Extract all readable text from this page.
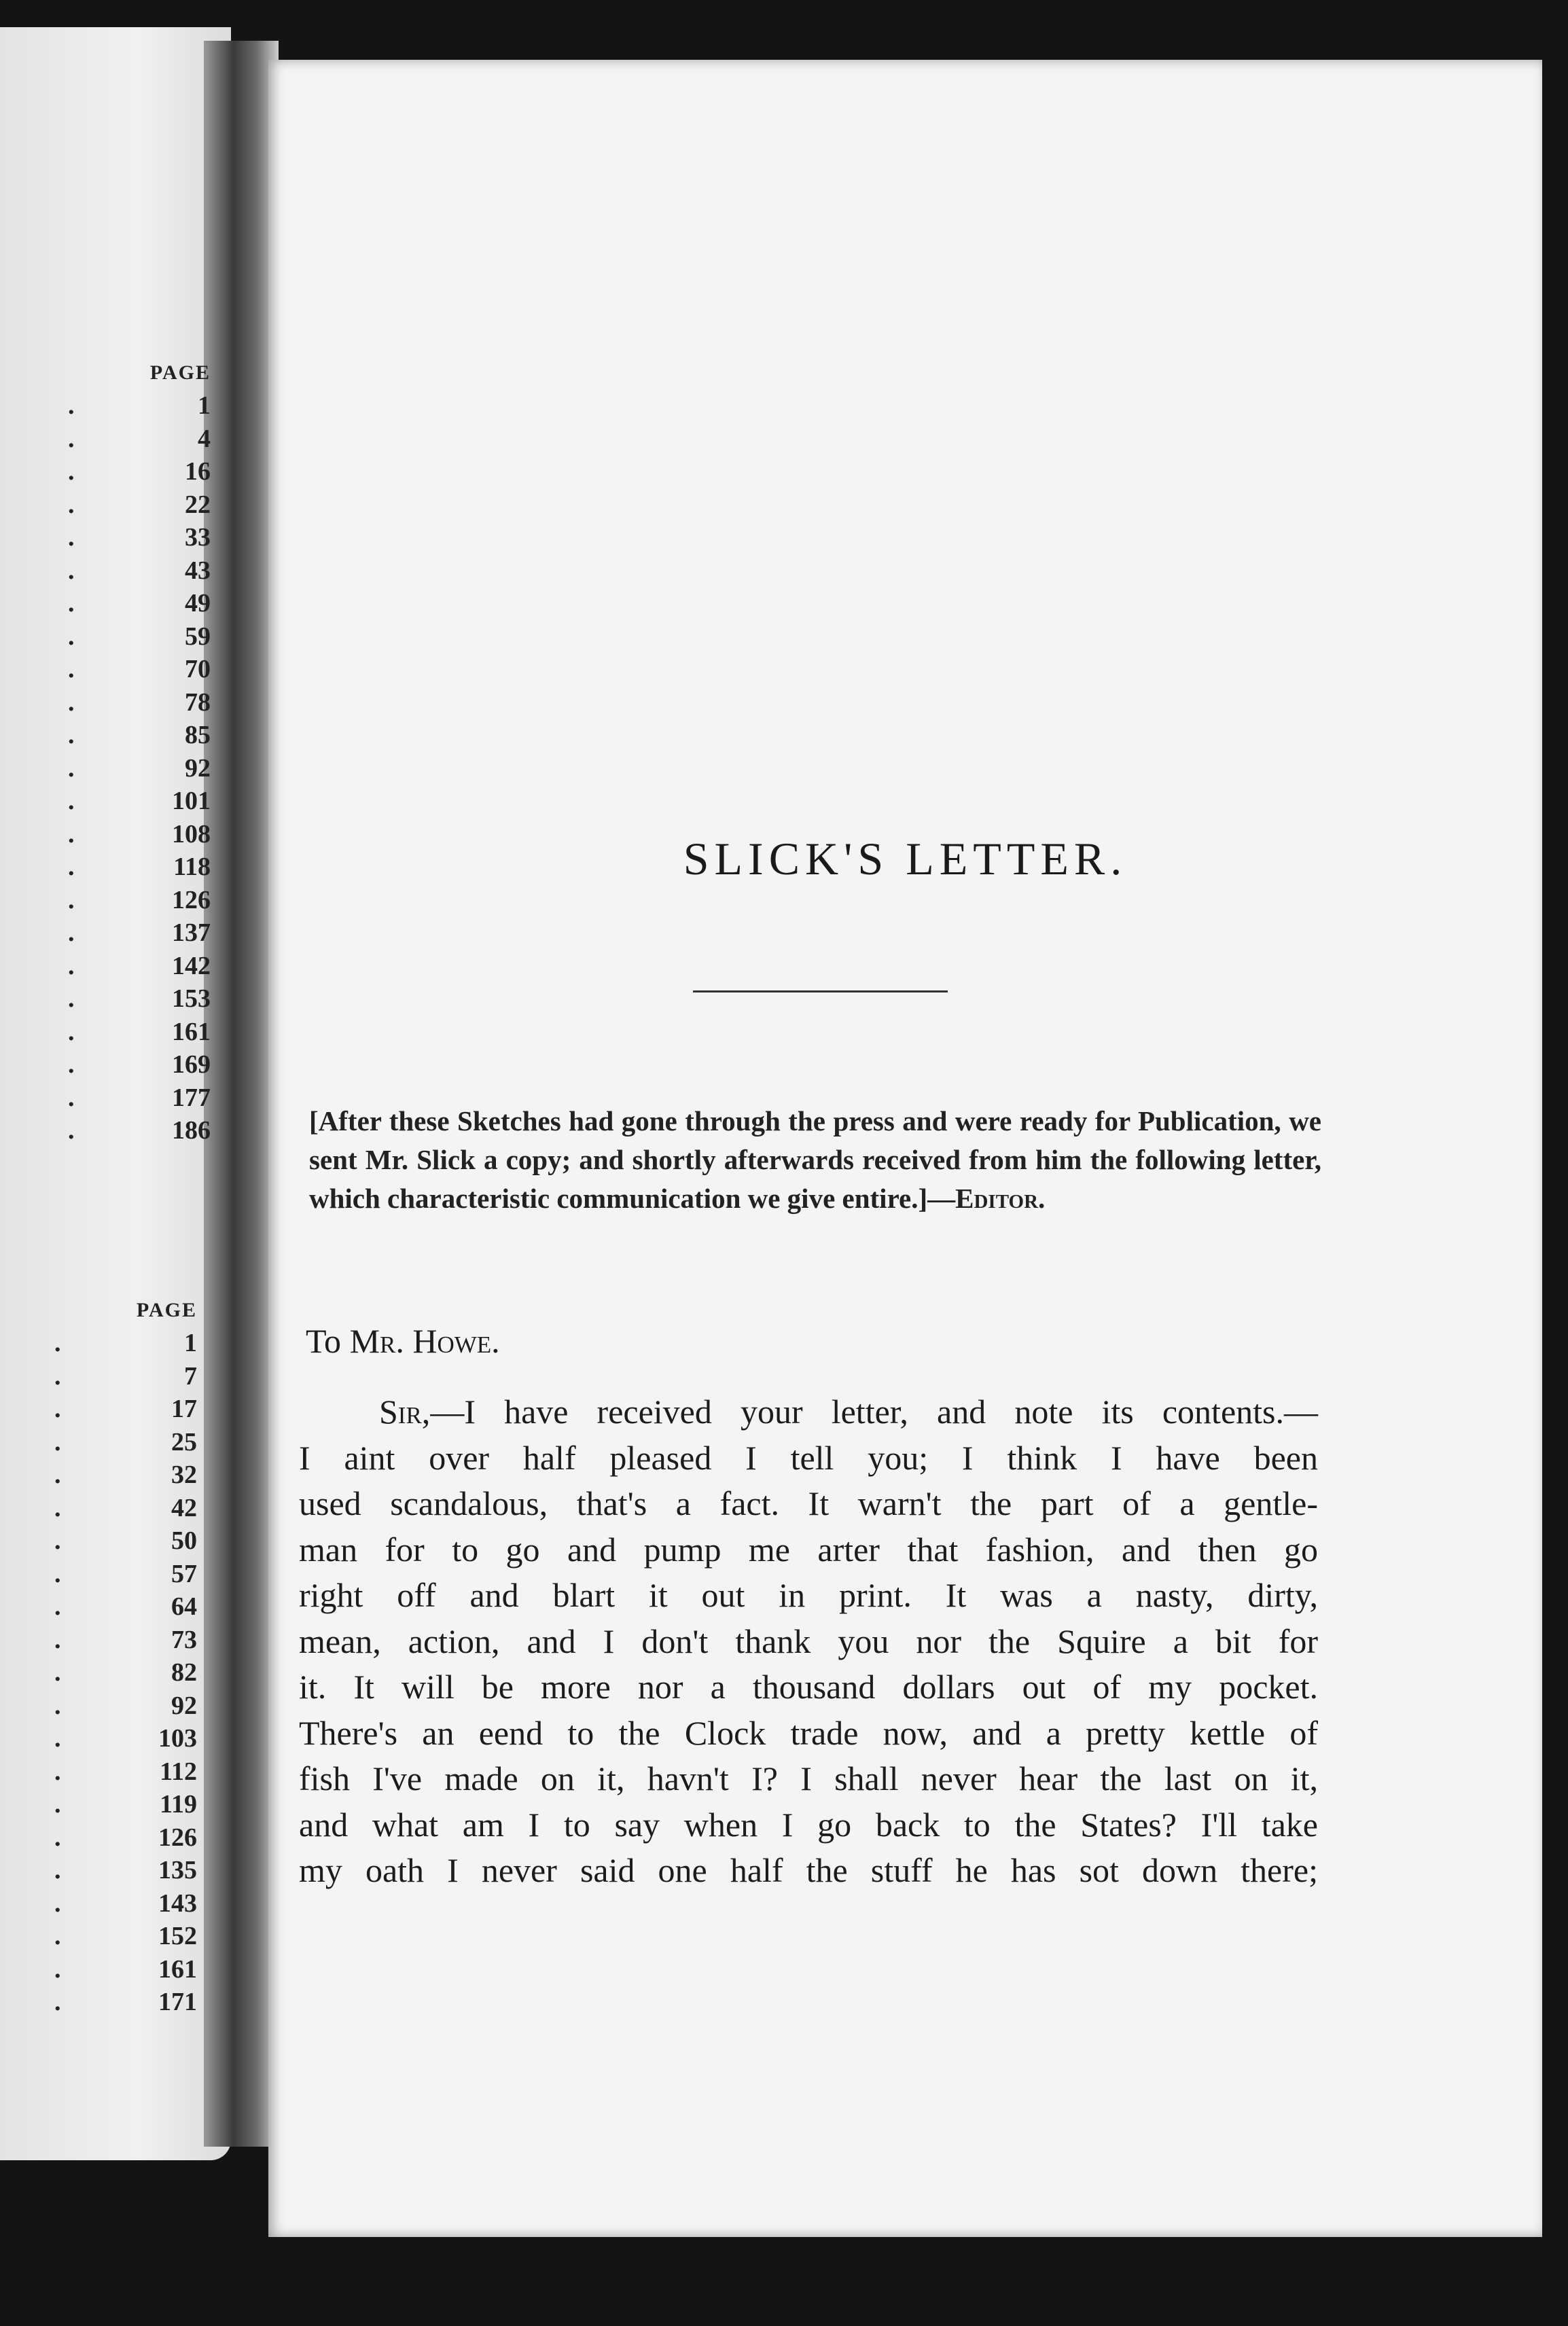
PAGE
.	1
.	4
.	16
.	22
.	33
.	43
.	49
.	59
.	70
.	78
.	85
.	92
.	101
.	108
.	118
.	126
.	137
.	142
.	153
.	161
.	169
.	177
.	186
PAGE
.	1
.	7
.	17
.	25
.	32
.	42
.	50
.	57
.	64
.	73
.	82
.	92
.	103
.	112
.	119
.	126
.	135
.	143
.	152
.	161
.	171
SLICK'S LETTER.
[After these Sketches had gone through the press and were ready for Publication, we sent Mr. Slick a copy; and shortly afterwards received from him the following letter, which characteristic communication we give entire.]—Editor.
To Mr. Howe.
Sir,—I have received your letter, and note its contents.—
I aint over half pleased I tell you; I think I have been
used scandalous, that's a fact. It warn't the part of a gentle-
man for to go and pump me arter that fashion, and then go
right off and blart it out in print. It was a nasty, dirty,
mean, action, and I don't thank you nor the Squire a bit for
it. It will be more nor a thousand dollars out of my pocket.
There's an eend to the Clock trade now, and a pretty kettle of
fish I've made on it, havn't I? I shall never hear the last on it,
and what am I to say when I go back to the States? I'll take
my oath I never said one half the stuff he has sot down there;
